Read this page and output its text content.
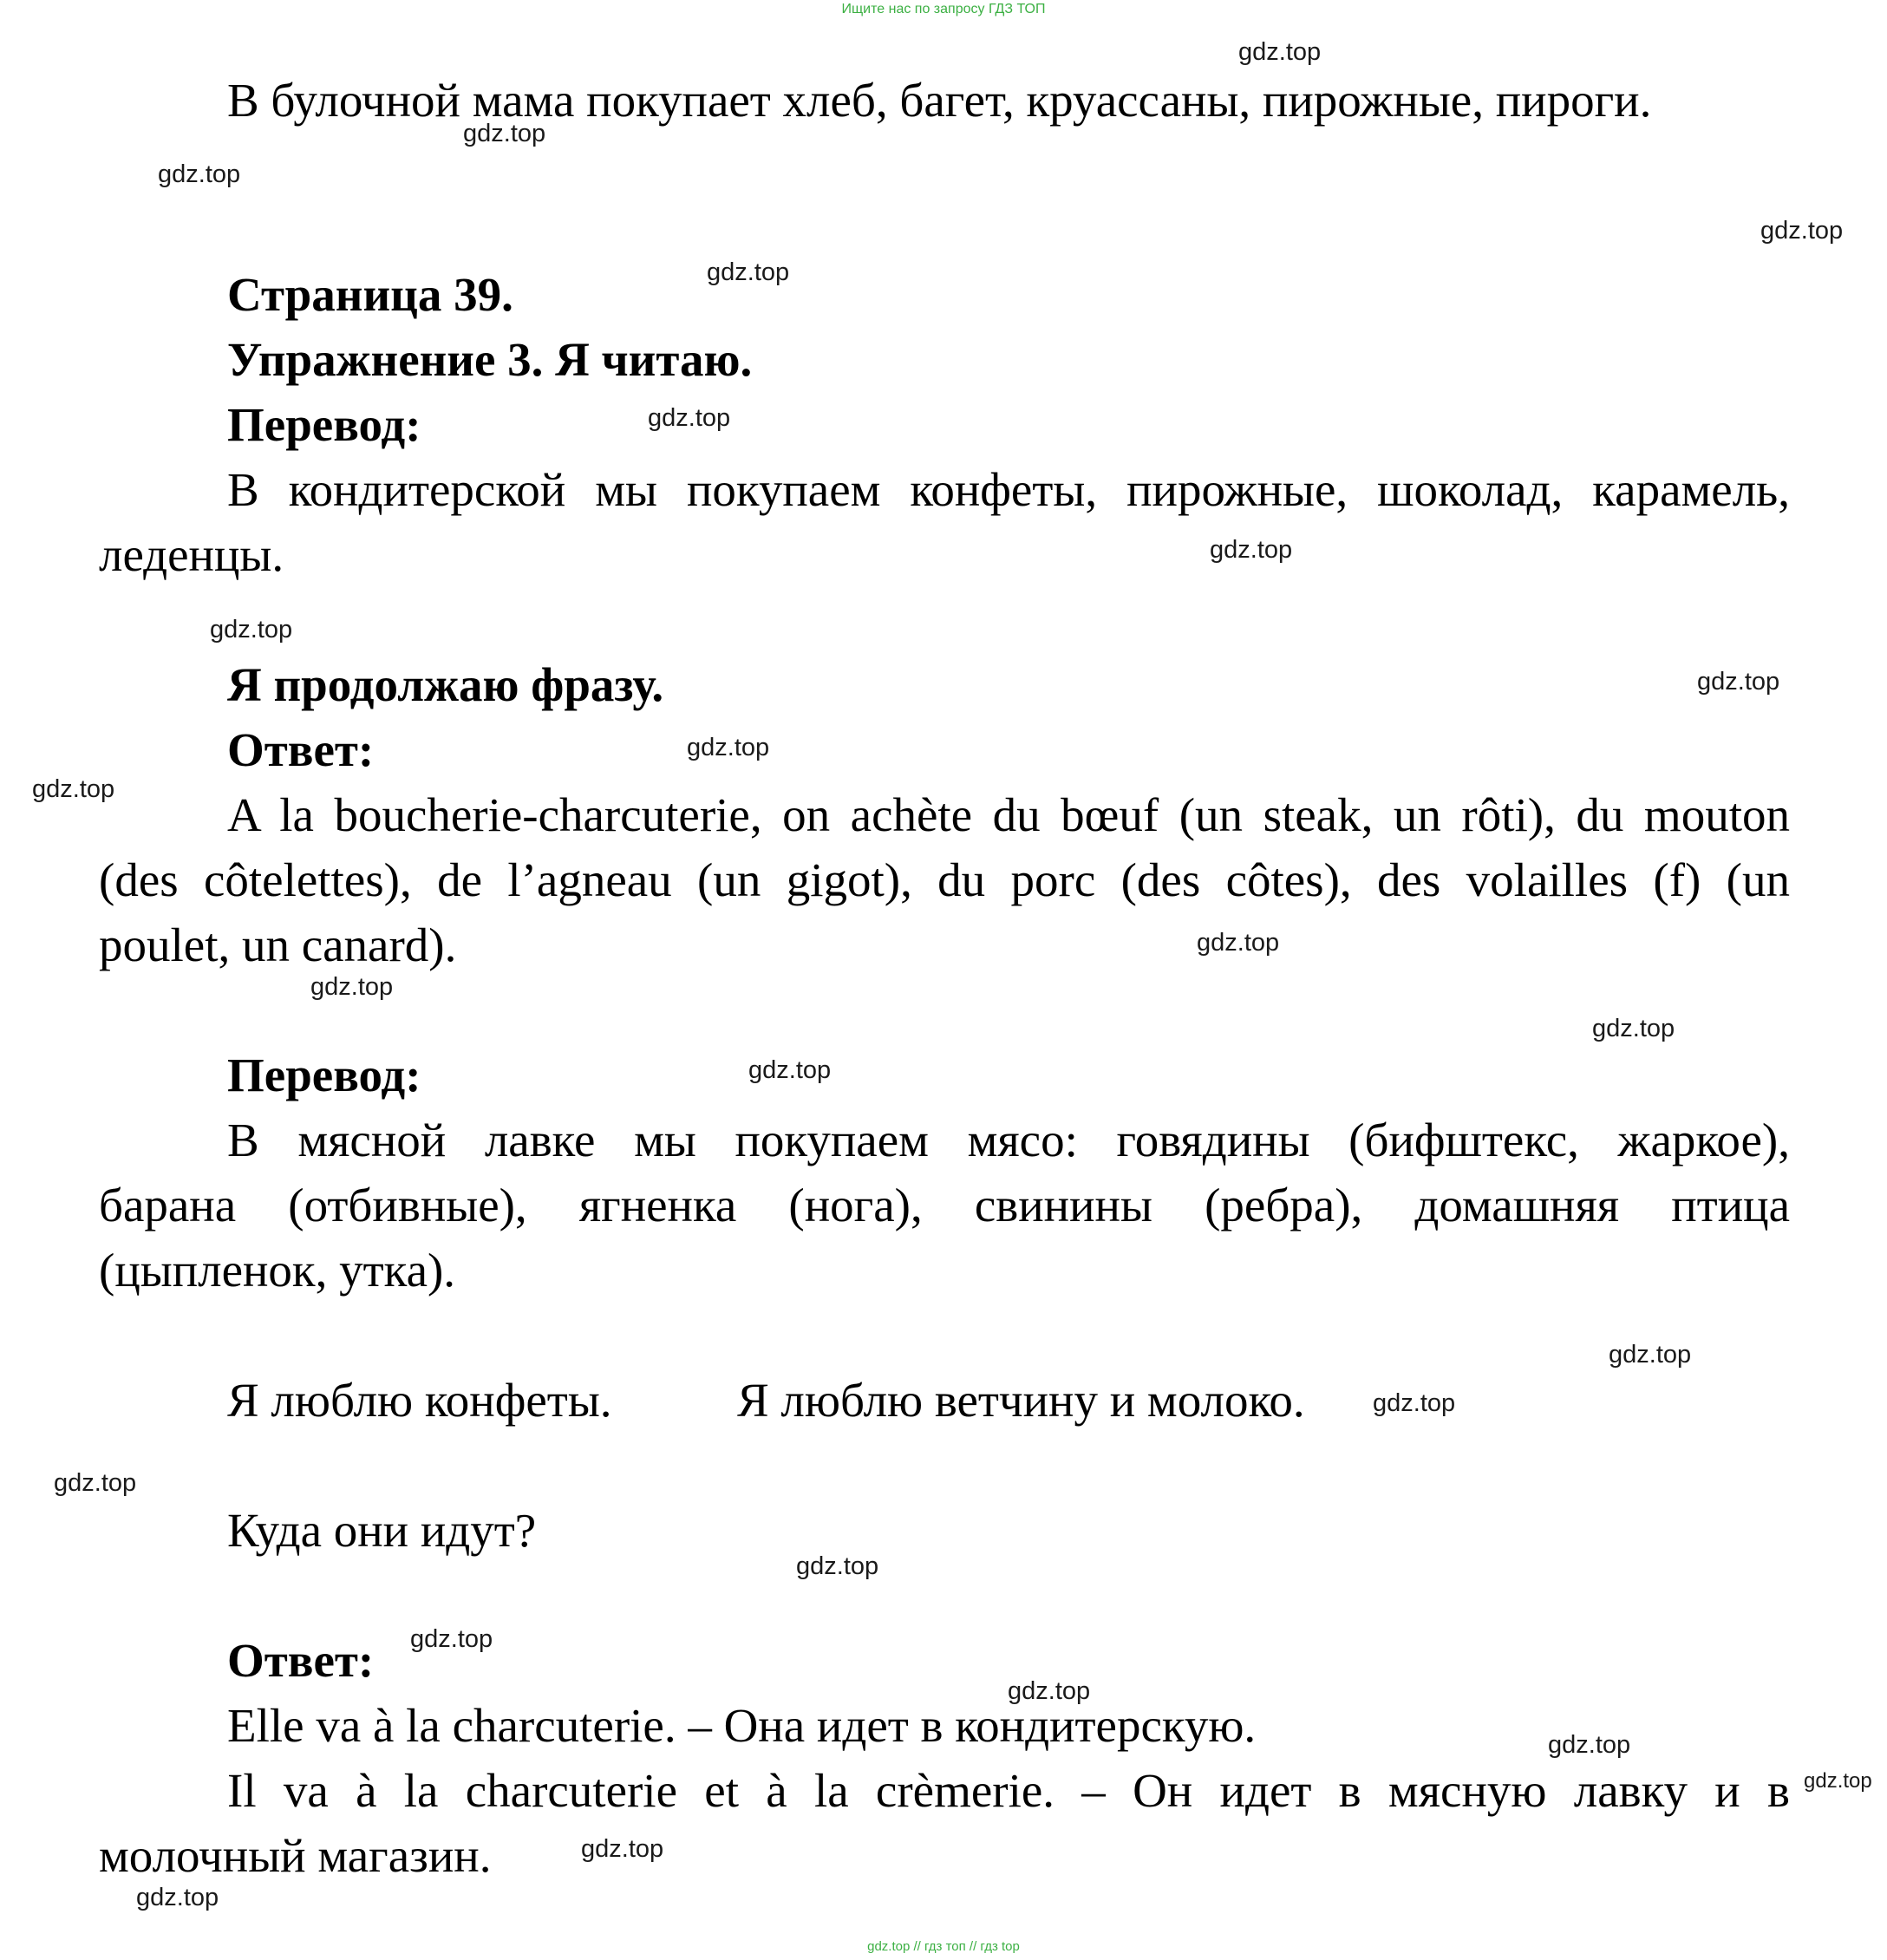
Ищите нас по запросу ГДЗ ТОП
В булочной мама покупает хлеб, багет, круассаны, пирожные, пироги.
Страница 39.
Упражнение 3. Я читаю.
Перевод:
В кондитерской мы покупаем конфеты, пирожные, шоколад, карамель,
леденцы.
Я продолжаю фразу.
Ответ:
A la boucherie-charcuterie, on achète du bœuf (un steak, un rôti), du mouton
(des côtelettes), de l’agneau (un gigot), du porc (des côtes), des volailles (f) (un
poulet, un canard).
Перевод:
В мясной лавке мы покупаем мясо: говядины (бифштекс, жаркое),
барана (отбивные), ягненка (нога), свинины (ребра), домашняя птица
(цыпленок, утка).
Я люблю конфеты.	Я люблю ветчину и молоко.
Куда они идут?
Ответ:
Elle va à la charcuterie. – Она идет в кондитерскую.
Il va à la charcuterie et à la crèmerie. – Он идет в мясную лавку и в
молочный магазин.
gdz.top
gdz.top
gdz.top
gdz.top
gdz.top
gdz.top
gdz.top
gdz.top
gdz.top
gdz.top
gdz.top
gdz.top
gdz.top
gdz.top
gdz.top
gdz.top
gdz.top
gdz.top
gdz.top
gdz.top
gdz.top
gdz.top
gdz.top
gdz.top
gdz.top
gdz.top // гдз топ // гдз top
